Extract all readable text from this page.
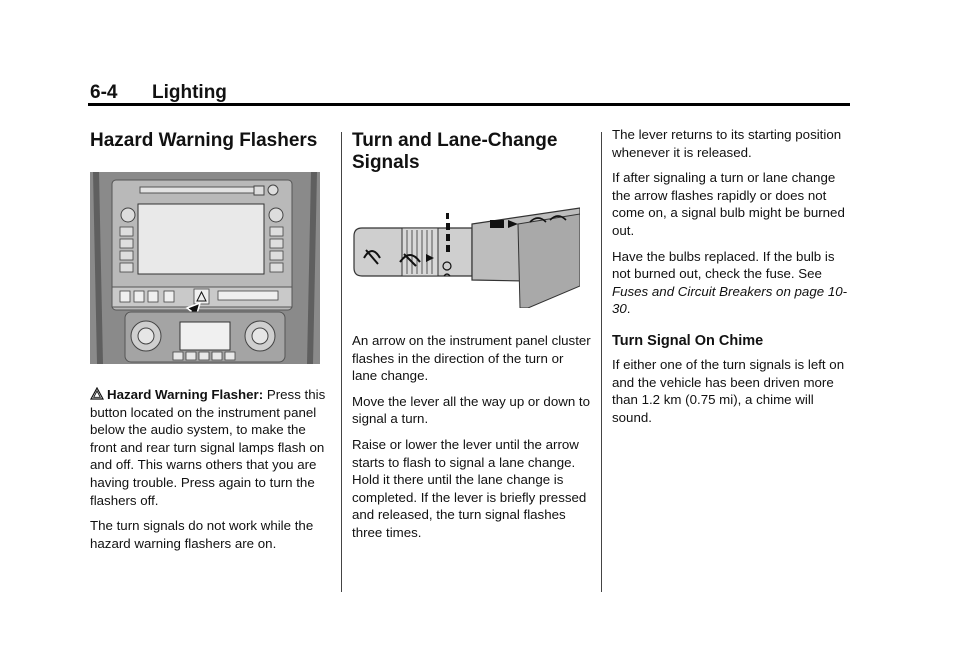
6-4 Lighting
Hazard Warning Flashers

Hazard Warning Flasher: Press this button located on the instrument panel below the audio system, to make the front and rear turn signal lamps flash on and off. This warns others that you are having trouble. Press again to turn the flashers off.

The turn signals do not work while the hazard warning flashers are on.

Turn and Lane-Change
Signals

An arrow on the instrument panel cluster flashes in the direction of the turn or lane change.

Move the lever all the way up or down to signal a turn.

Raise or lower the lever until the arrow starts to flash to signal a lane change. Hold it there until the lane change is completed. If the lever is briefly pressed and released, the turn signal flashes three times.

The lever returns to its starting position whenever it is released.

If after signaling a turn or lane change the arrow flashes rapidly or does not come on, a signal bulb might be burned out.

Have the bulbs replaced. If the bulb is not burned out, check the fuse. See Fuses and Circuit Breakers on page 10-30.

Turn Signal On Chime

If either one of the turn signals is left on and the vehicle has been driven more than 1.2 km (0.75 mi), a chime will sound.
